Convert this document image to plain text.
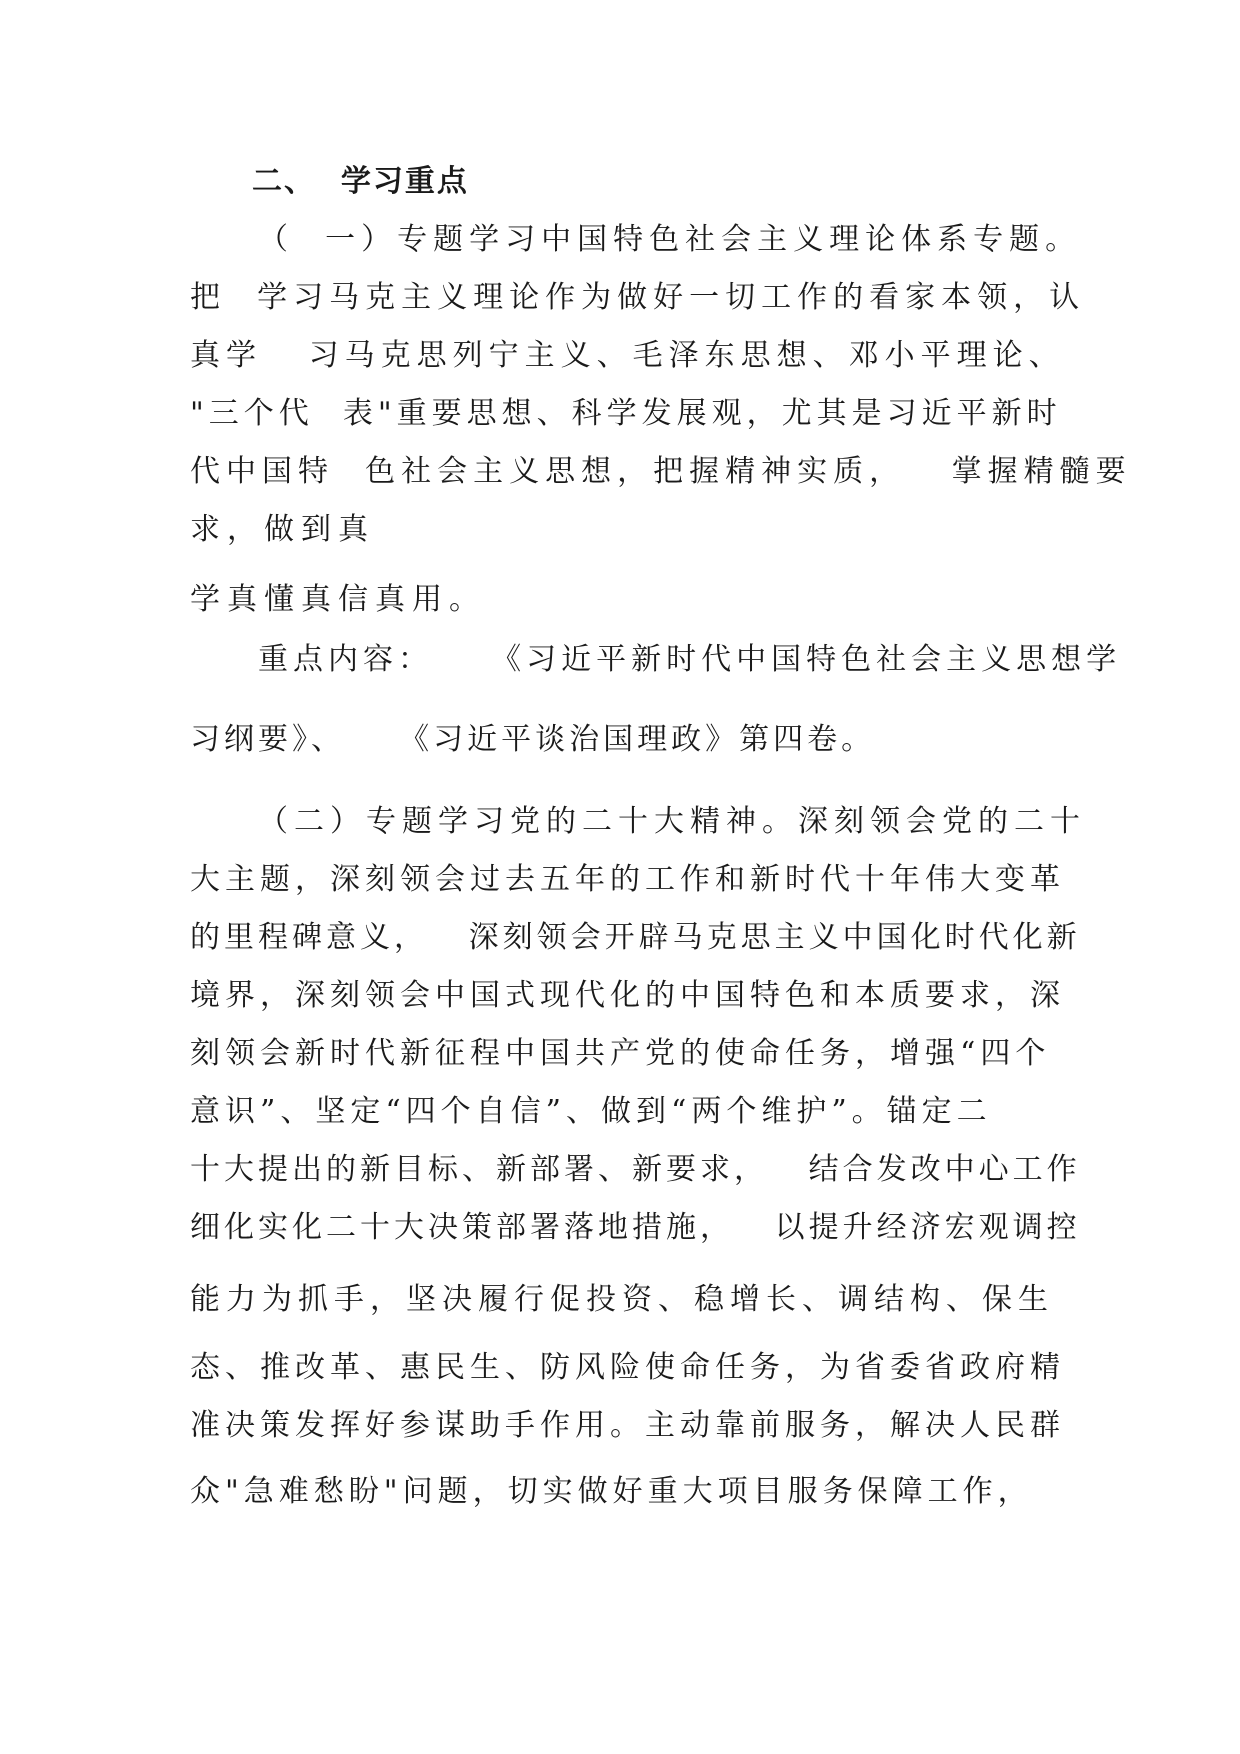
二、  学习重点
（  一）专题学习中国特色社会主义理论体系专题。
把  学习马克主义理论作为做好一切工作的看家本领，认
真学   习马克思列宁主义、毛泽东思想、邓小平理论、
"三个代  表"重要思想、科学发展观，尤其是习近平新时
代中国特  色社会主义思想，把握精神实质，   掌握精髓要
求，做到真
学真懂真信真用。
重点内容：    《习近平新时代中国特色社会主义思想学
习纲要》、    《习近平谈治国理政》第四卷。
（二）专题学习党的二十大精神。深刻领会党的二十
大主题，深刻领会过去五年的工作和新时代十年伟大变革
的里程碑意义，   深刻领会开辟马克思主义中国化时代化新
境界，深刻领会中国式现代化的中国特色和本质要求，深
刻领会新时代新征程中国共产党的使命任务，增强“四个
意识”、坚定“四个自信”、做到“两个维护”。锚定二
十大提出的新目标、新部署、新要求，   结合发改中心工作
细化实化二十大决策部署落地措施，   以提升经济宏观调控
能力为抓手，坚决履行促投资、稳增长、调结构、保生
态、推改革、惠民生、防风险使命任务，为省委省政府精
准决策发挥好参谋助手作用。主动靠前服务，解决人民群
众"急难愁盼"问题，切实做好重大项目服务保障工作，
